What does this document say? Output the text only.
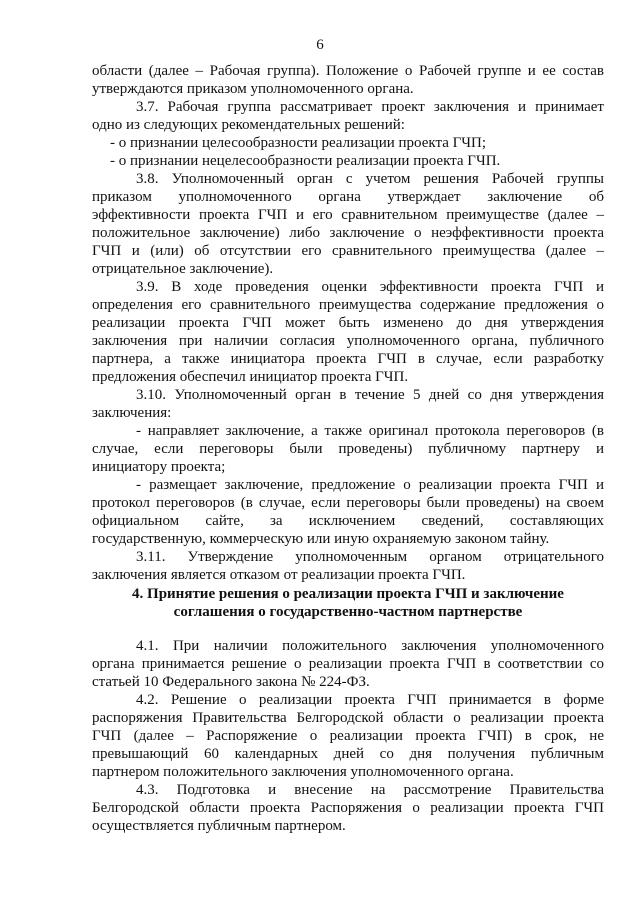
6
области (далее – Рабочая группа). Положение о Рабочей группе и ее состав
утверждаются приказом уполномоченного органа.
3.7. Рабочая группа рассматривает проект заключения и принимает
одно из следующих рекомендательных решений:
- о признании целесообразности реализации проекта ГЧП;
- о признании нецелесообразности реализации проекта ГЧП.
3.8. Уполномоченный орган с учетом решения Рабочей группы
приказом уполномоченного органа утверждает заключение об
эффективности проекта ГЧП и его сравнительном преимуществе (далее –
положительное заключение) либо заключение о неэффективности проекта
ГЧП и (или) об отсутствии его сравнительного преимущества (далее –
отрицательное заключение).
3.9. В ходе проведения оценки эффективности проекта ГЧП и
определения его сравнительного преимущества содержание предложения о
реализации проекта ГЧП может быть изменено до дня утверждения
заключения при наличии согласия уполномоченного органа, публичного
партнера, а также инициатора проекта ГЧП в случае, если разработку
предложения обеспечил инициатор проекта ГЧП.
3.10. Уполномоченный орган в течение 5 дней со дня утверждения
заключения:
- направляет заключение, а также оригинал протокола переговоров (в
случае, если переговоры были проведены) публичному партнеру и
инициатору проекта;
- размещает заключение, предложение о реализации проекта ГЧП и
протокол переговоров (в случае, если переговоры были проведены) на своем
официальном сайте, за исключением сведений, составляющих
государственную, коммерческую или иную охраняемую законом тайну.
3.11. Утверждение уполномоченным органом отрицательного
заключения является отказом от реализации проекта ГЧП.
4. Принятие решения о реализации проекта ГЧП и заключение
соглашения о государственно-частном партнерстве
4.1. При наличии положительного заключения уполномоченного
органа принимается решение о реализации проекта ГЧП в соответствии со
статьей 10 Федерального закона № 224-ФЗ.
4.2. Решение о реализации проекта ГЧП принимается в форме
распоряжения Правительства Белгородской области о реализации проекта
ГЧП (далее – Распоряжение о реализации проекта ГЧП) в срок, не
превышающий 60 календарных дней со дня получения публичным
партнером положительного заключения уполномоченного органа.
4.3. Подготовка и внесение на рассмотрение Правительства
Белгородской области проекта Распоряжения о реализации проекта ГЧП
осуществляется публичным партнером.
